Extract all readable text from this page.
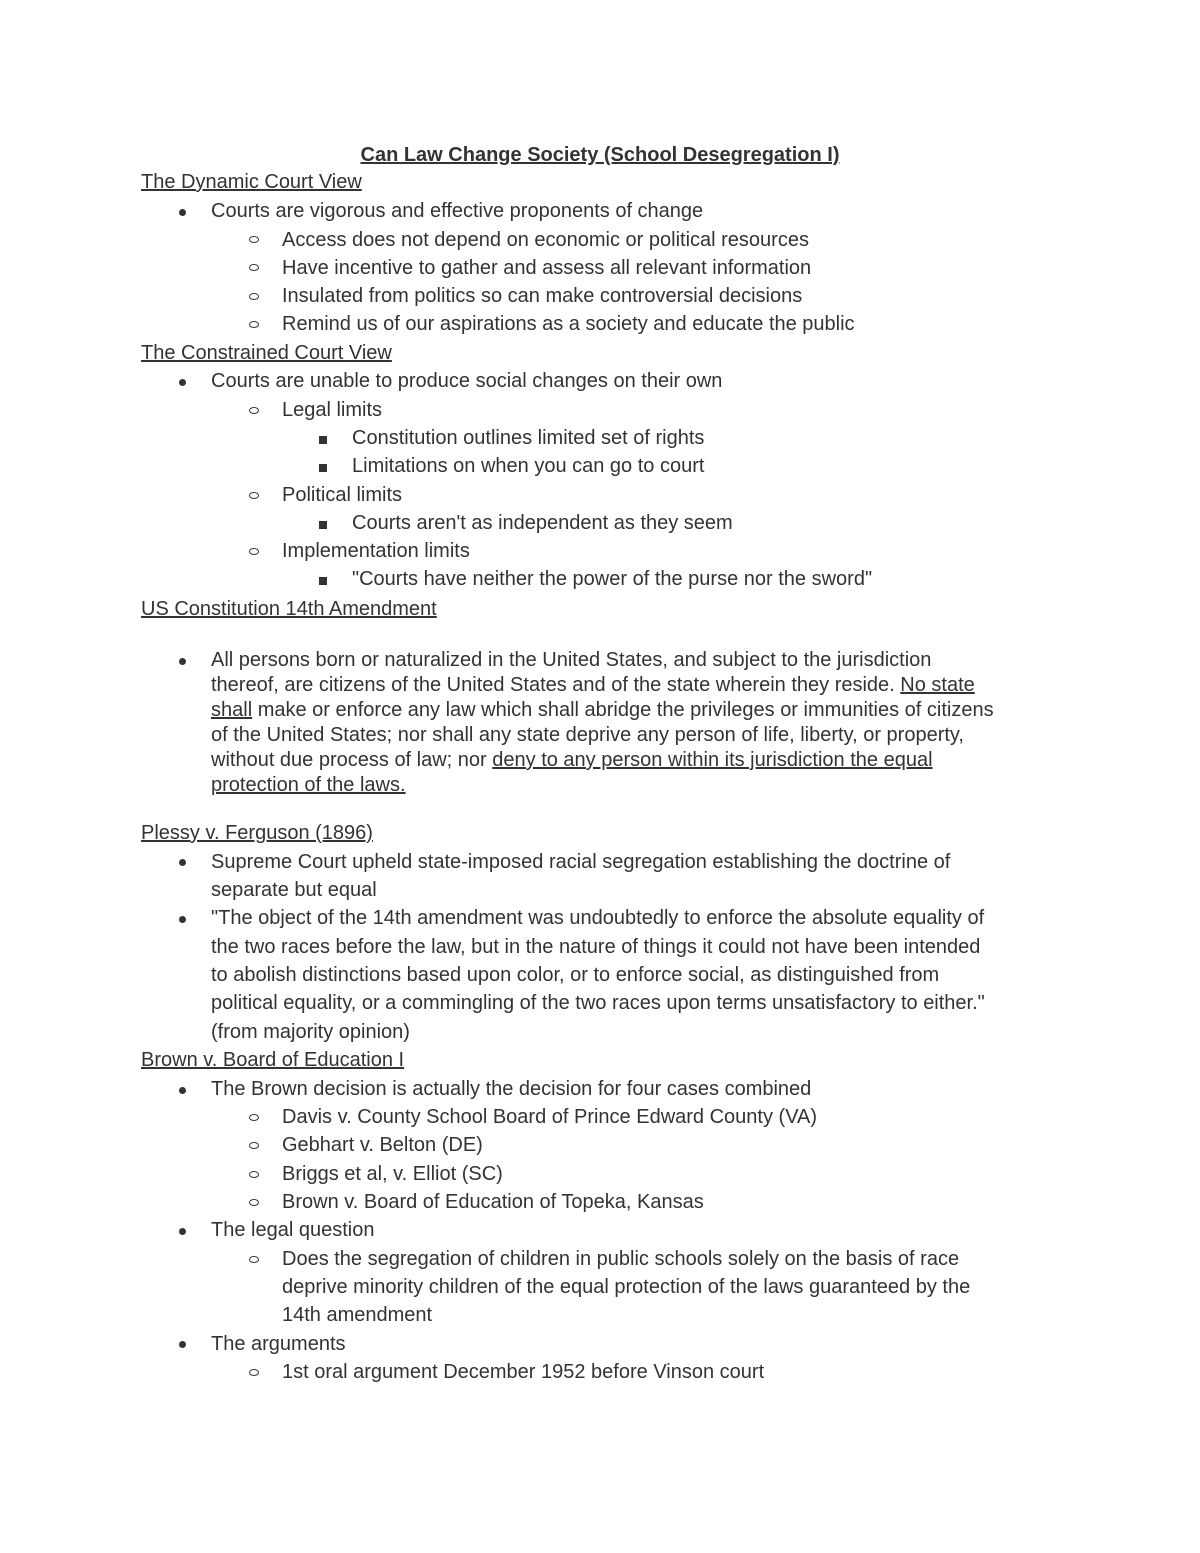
Can Law Change Society (School Desegregation I)
The Dynamic Court View
Courts are vigorous and effective proponents of change
Access does not depend on economic or political resources
Have incentive to gather and assess all relevant information
Insulated from politics so can make controversial decisions
Remind us of our aspirations as a society and educate the public
The Constrained Court View
Courts are unable to produce social changes on their own
Legal limits
Constitution outlines limited set of rights
Limitations on when you can go to court
Political limits
Courts aren't as independent as they seem
Implementation limits
"Courts have neither the power of the purse nor the sword"
US Constitution 14th Amendment
All persons born or naturalized in the United States, and subject to the jurisdiction
thereof, are citizens of the United States and of the state wherein they reside. No state
shall make or enforce any law which shall abridge the privileges or immunities of citizens
of the United States; nor shall any state deprive any person of life, liberty, or property,
without due process of law; nor deny to any person within its jurisdiction the equal
protection of the laws.
Plessy v. Ferguson (1896)
Supreme Court upheld state-imposed racial segregation establishing the doctrine of
separate but equal
"The object of the 14th amendment was undoubtedly to enforce the absolute equality of
the two races before the law, but in the nature of things it could not have been intended
to abolish distinctions based upon color, or to enforce social, as distinguished from
political equality, or a commingling of the two races upon terms unsatisfactory to either."
(from majority opinion)
Brown v. Board of Education I
The Brown decision is actually the decision for four cases combined
Davis v. County School Board of Prince Edward County (VA)
Gebhart v. Belton (DE)
Briggs et al, v. Elliot (SC)
Brown v. Board of Education of Topeka, Kansas
The legal question
Does the segregation of children in public schools solely on the basis of race
deprive minority children of the equal protection of the laws guaranteed by the
14th amendment
The arguments
1st oral argument December 1952 before Vinson court
